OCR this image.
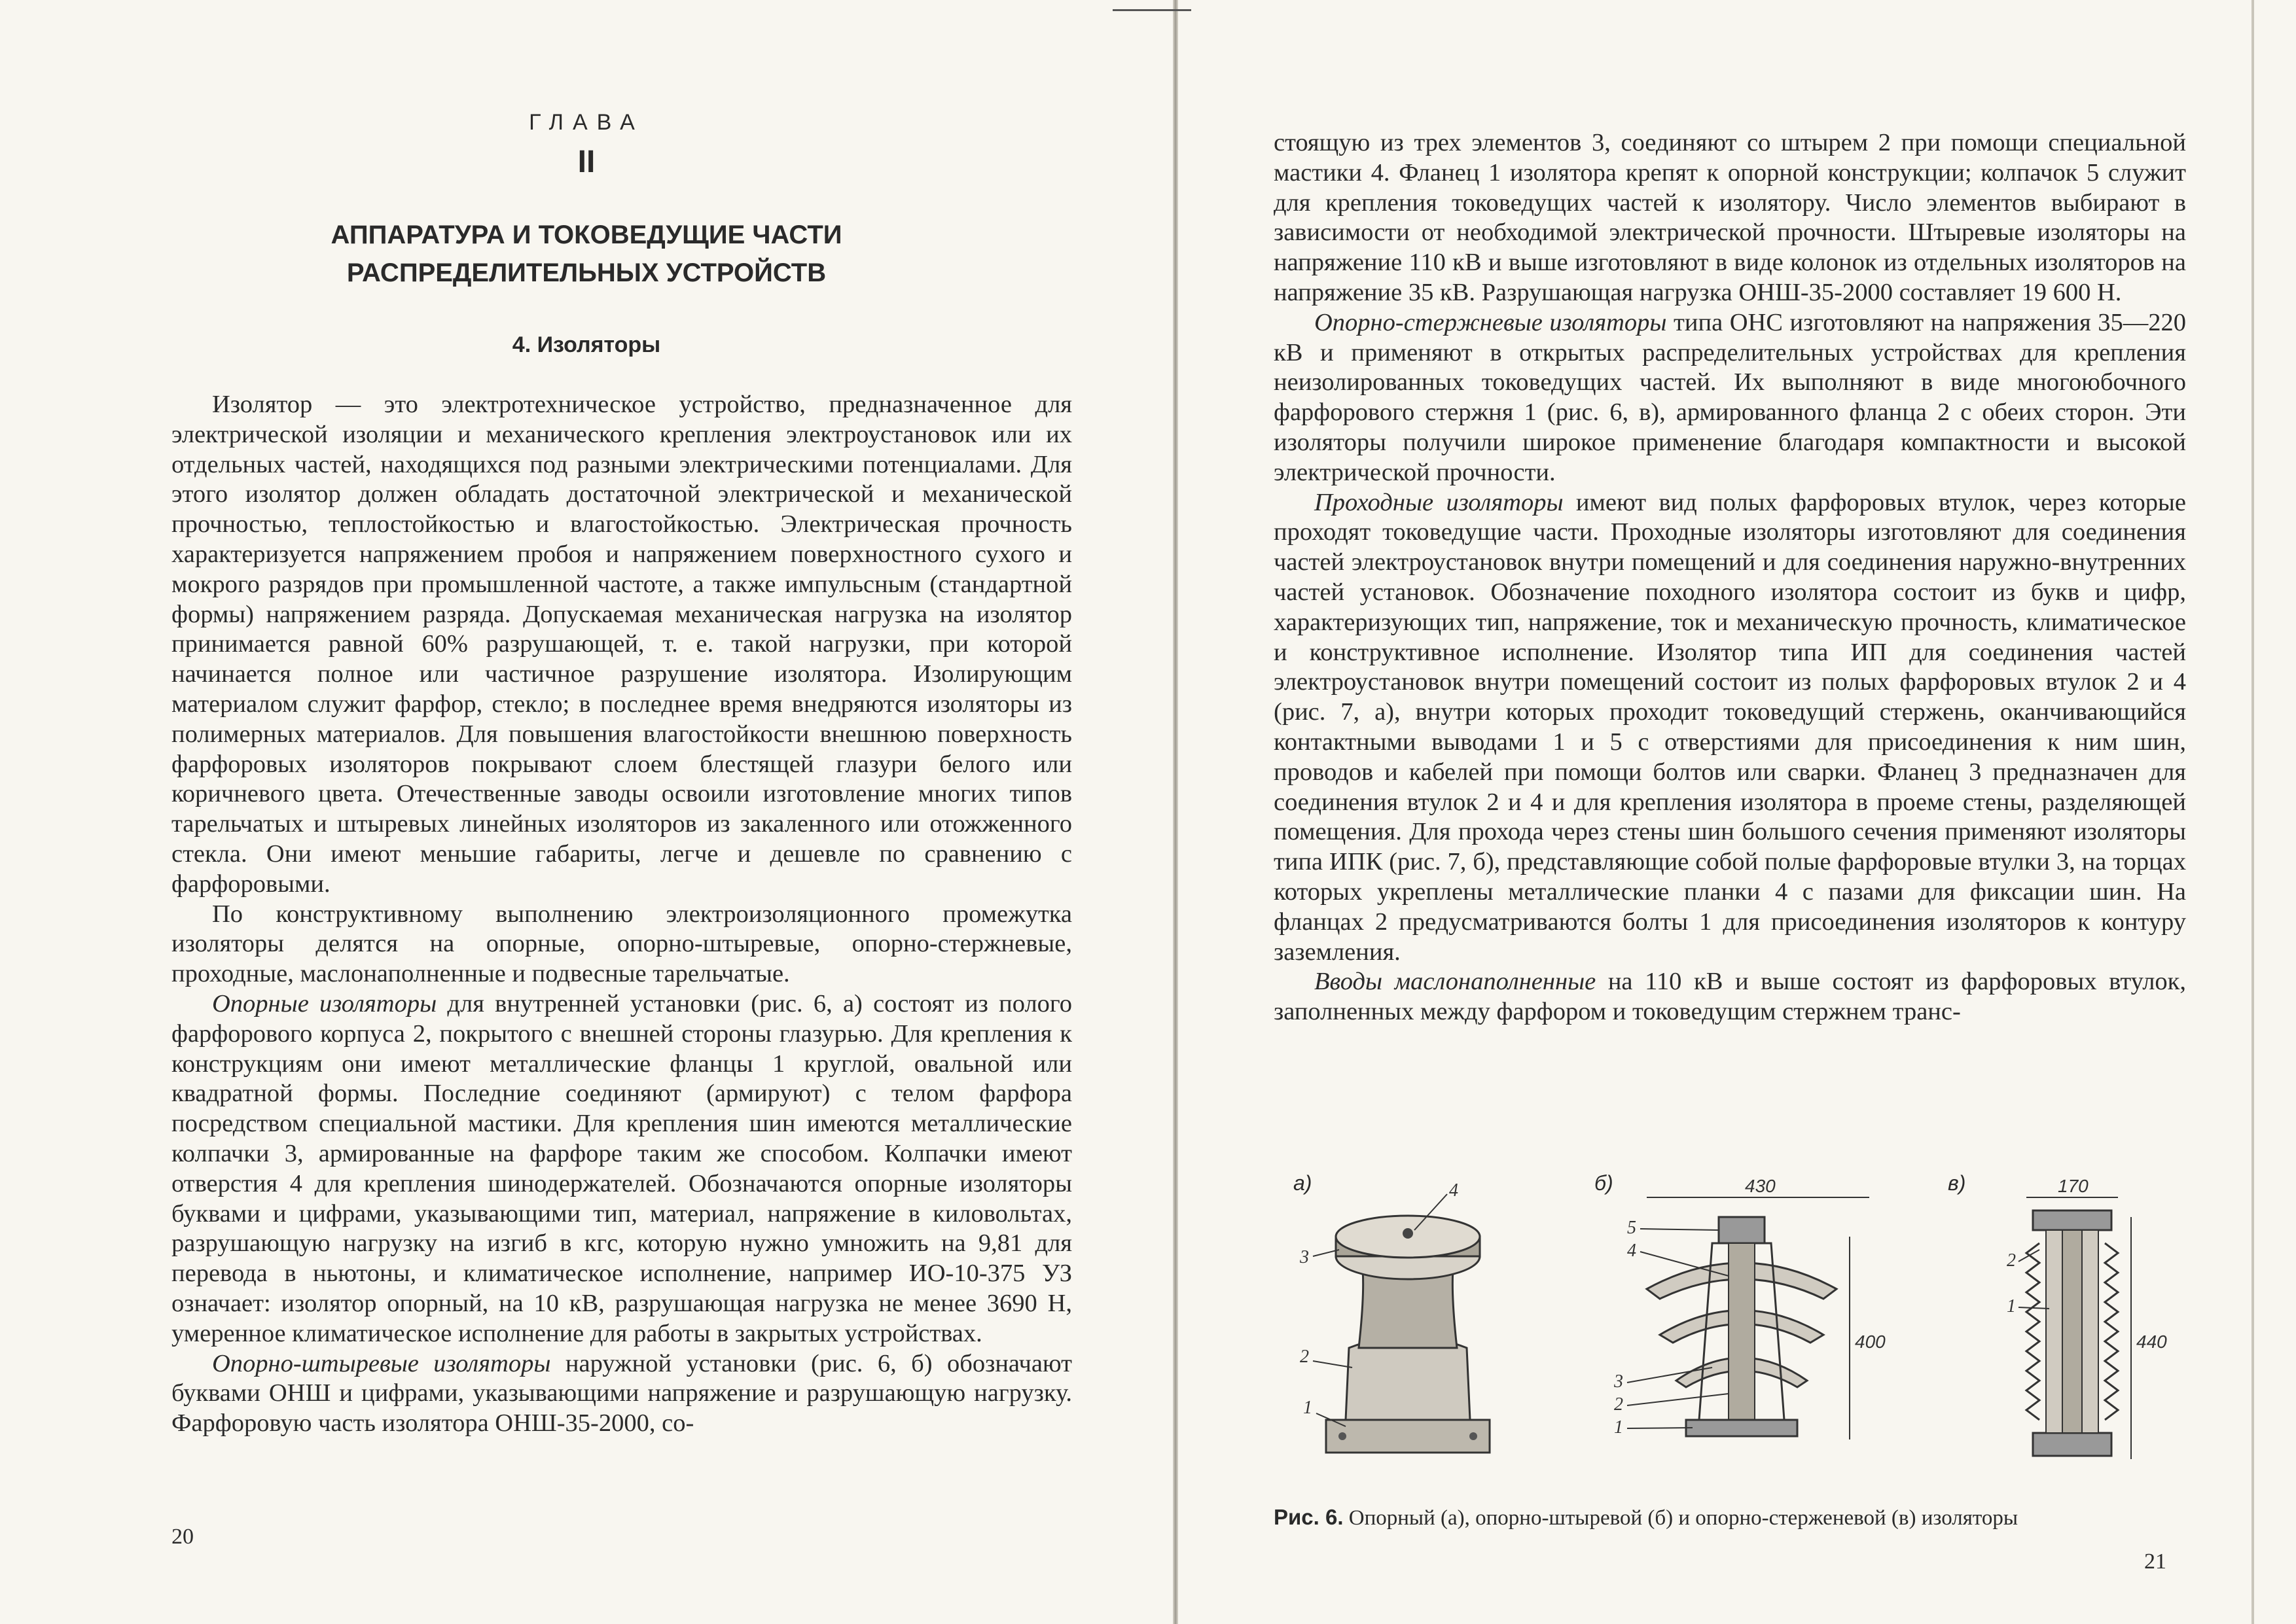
ГЛАВА
II
АППАРАТУРА И ТОКОВЕДУЩИЕ ЧАСТИ
РАСПРЕДЕЛИТЕЛЬНЫХ УСТРОЙСТВ
4. Изоляторы

Изолятор — это электротехническое устройство, предназначенное для электрической изоляции и механического крепления электроустановок или их отдельных частей, находящихся под разными электрическими потенциалами. Для этого изолятор должен обладать достаточной электрической и механической прочностью, теплостойкостью и влагостойкостью. Электрическая прочность характеризуется напряжением пробоя и напряжением поверхностного сухого и мокрого разрядов при промышленной частоте, а также импульсным (стандартной формы) напряжением разряда. Допускаемая механическая нагрузка на изолятор принимается равной 60% разрушающей, т. е. такой нагрузки, при которой начинается полное или частичное разрушение изолятора. Изолирующим материалом служит фарфор, стекло; в последнее время внедряются изоляторы из полимерных материалов. Для повышения влагостойкости внешнюю поверхность фарфоровых изоляторов покрывают слоем блестящей глазури белого или коричневого цвета. Отечественные заводы освоили изготовление многих типов тарельчатых и штыревых линейных изоляторов из закаленного или отожженного стекла. Они имеют меньшие габариты, легче и дешевле по сравнению с фарфоровыми.

По конструктивному выполнению электроизоляционного промежутка изоляторы делятся на опорные, опорно-штыревые, опорно-стержневые, проходные, маслонаполненные и подвесные тарельчатые.

Опорные изоляторы для внутренней установки (рис. 6, а) состоят из полого фарфорового корпуса 2, покрытого с внешней стороны глазурью. Для крепления к конструкциям они имеют металлические фланцы 1 круглой, овальной или квадратной формы. Последние соединяют (армируют) с телом фарфора посредством специальной мастики. Для крепления шин имеются металлические колпачки 3, армированные на фарфоре таким же способом. Колпачки имеют отверстия 4 для крепления шинодержателей. Обозначаются опорные изоляторы буквами и цифрами, указывающими тип, материал, напряжение в киловольтах, разрушающую нагрузку на изгиб в кгс, которую нужно умножить на 9,81 для перевода в ньютоны, и климатическое исполнение, например ИО-10-375 УЗ означает: изолятор опорный, на 10 кВ, разрушающая нагрузка не менее 3690 Н, умеренное климатическое исполнение для работы в закрытых устройствах.

Опорно-штыревые изоляторы наружной установки (рис. 6, б) обозначают буквами ОНШ и цифрами, указывающими напряжение и разрушающую нагрузку. Фарфоровую часть изолятора ОНШ-35-2000, со-

20

стоящую из трех элементов 3, соединяют со штырем 2 при помощи специальной мастики 4. Фланец 1 изолятора крепят к опорной конструкции; колпачок 5 служит для крепления токоведущих частей к изолятору. Число элементов выбирают в зависимости от необходимой электрической прочности. Штыревые изоляторы на напряжение 110 кВ и выше изготовляют в виде колонок из отдельных изоляторов на напряжение 35 кВ. Разрушающая нагрузка ОНШ-35-2000 составляет 19 600 Н.

Опорно-стержневые изоляторы типа ОНС изготовляют на напряжения 35—220 кВ и применяют в открытых распределительных устройствах для крепления неизолированных токоведущих частей. Их выполняют в виде многоюбочного фарфорового стержня 1 (рис. 6, в), армированного фланца 2 с обеих сторон. Эти изоляторы получили широкое применение благодаря компактности и высокой электрической прочности.

Проходные изоляторы имеют вид полых фарфоровых втулок, через которые проходят токоведущие части. Проходные изоляторы изготовляют для соединения частей электроустановок внутри помещений и для соединения наружно-внутренних частей установок. Обозначение походного изолятора состоит из букв и цифр, характеризующих тип, напряжение, ток и механическую прочность, климатическое и конструктивное исполнение. Изолятор типа ИП для соединения частей электроустановок внутри помещений состоит из полых фарфоровых втулок 2 и 4 (рис. 7, а), внутри которых проходит токоведущий стержень, оканчивающийся контактными выводами 1 и 5 с отверстиями для присоединения к ним шин, проводов и кабелей при помощи болтов или сварки. Фланец 3 предназначен для соединения втулок 2 и 4 и для крепления изолятора в проеме стены, разделяющей помещения. Для прохода через стены шин большого сечения применяют изоляторы типа ИПК (рис. 7, б), представляющие собой полые фарфоровые втулки 3, на торцах которых укреплены металлические планки 4 с пазами для фиксации шин. На фланцах 2 предусматриваются болты 1 для присоединения изоляторов к контуру заземления.

Вводы маслонаполненные на 110 кВ и выше состоят из фарфоровых втулок, заполненных между фарфором и токоведущим стержнем транс-

а)	4
3
2
1
б)	430
400
5
4
3
2
1
в)	170
440
2
1
Рис. 6. Опорный (а), опорно-штыревой (б) и опорно-стерженевой (в) изоляторы
21
